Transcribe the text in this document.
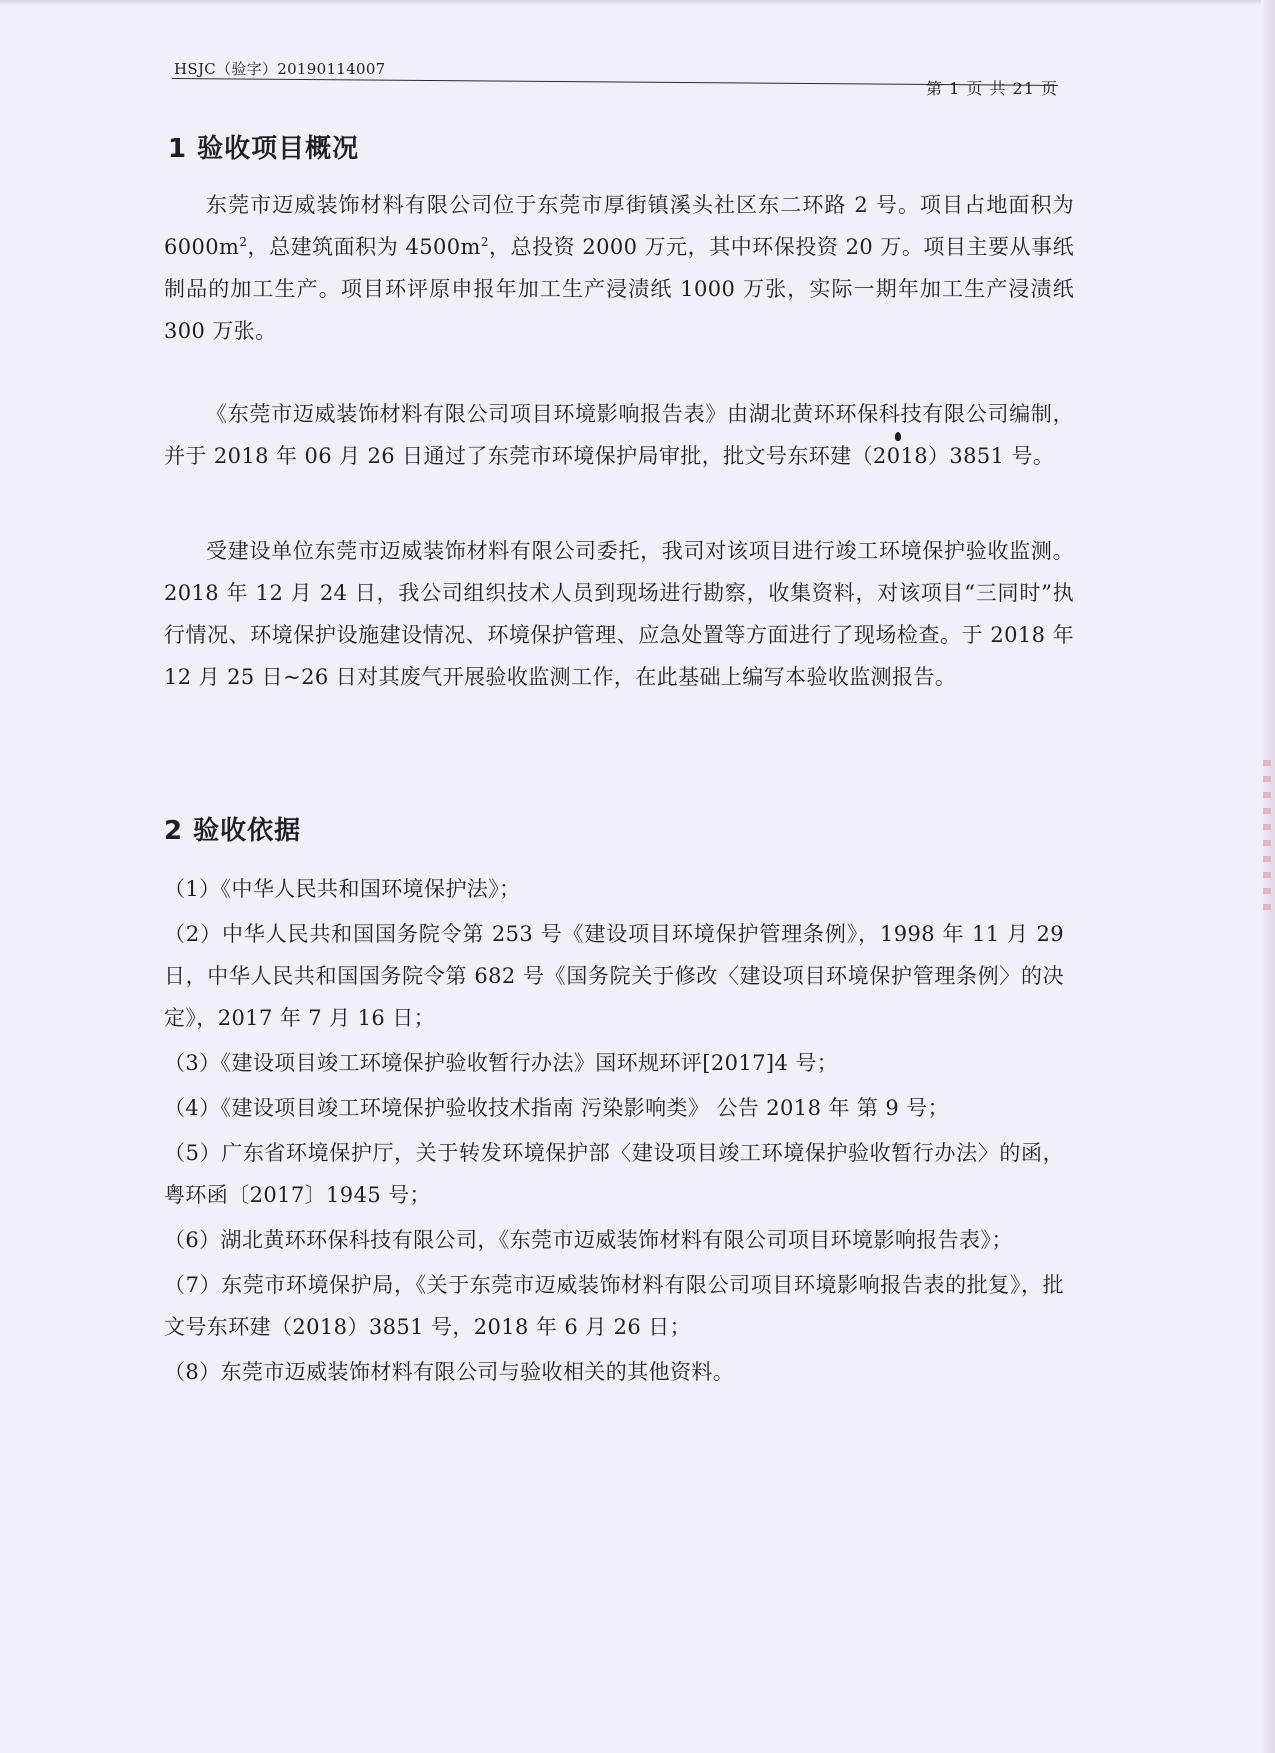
HSJC（验字）20190114007
第 1 页 共 21 页
1 验收项目概况

东莞市迈威装饰材料有限公司位于东莞市厚街镇溪头社区东二环路 2 号。项目占地面积为 $6000m^2$，总建筑面积为 $4500m^2$，总投资 2000 万元，其中环保投资 20 万。项目主要从事纸制品的加工生产。项目环评原申报年加工生产浸渍纸 1000 万张，实际一期年加工生产浸渍纸 300 万张。

《东莞市迈威装饰材料有限公司项目环境影响报告表》由湖北黄环环保科技有限公司编制，并于 2018 年 06 月 26 日通过了东莞市环境保护局审批，批文号东环建（2018）3851 号。

受建设单位东莞市迈威装饰材料有限公司委托，我司对该项目进行竣工环境保护验收监测。2018 年 12 月 24 日，我公司组织技术人员到现场进行勘察，收集资料，对该项目“三同时”执行情况、环境保护设施建设情况、环境保护管理、应急处置等方面进行了现场检查。于 2018 年 12 月 25 日~26 日对其废气开展验收监测工作，在此基础上编写本验收监测报告。

2 验收依据
（1）《中华人民共和国环境保护法》；
（2）中华人民共和国国务院令第 253 号《建设项目环境保护管理条例》，1998 年 11 月 29 日，中华人民共和国国务院令第 682 号《国务院关于修改〈建设项目环境保护管理条例〉的决定》，2017 年 7 月 16 日；
（3）《建设项目竣工环境保护验收暂行办法》国环规环评[2017]4 号；
（4）《建设项目竣工环境保护验收技术指南 污染影响类》 公告 2018 年 第 9 号；
（5）广东省环境保护厅，关于转发环境保护部〈建设项目竣工环境保护验收暂行办法〉的函，粤环函〔2017〕1945 号；
（6）湖北黄环环保科技有限公司，《东莞市迈威装饰材料有限公司项目环境影响报告表》；
（7）东莞市环境保护局，《关于东莞市迈威装饰材料有限公司项目环境影响报告表的批复》，批文号东环建（2018）3851 号，2018 年 6 月 26 日；
（8）东莞市迈威装饰材料有限公司与验收相关的其他资料。
